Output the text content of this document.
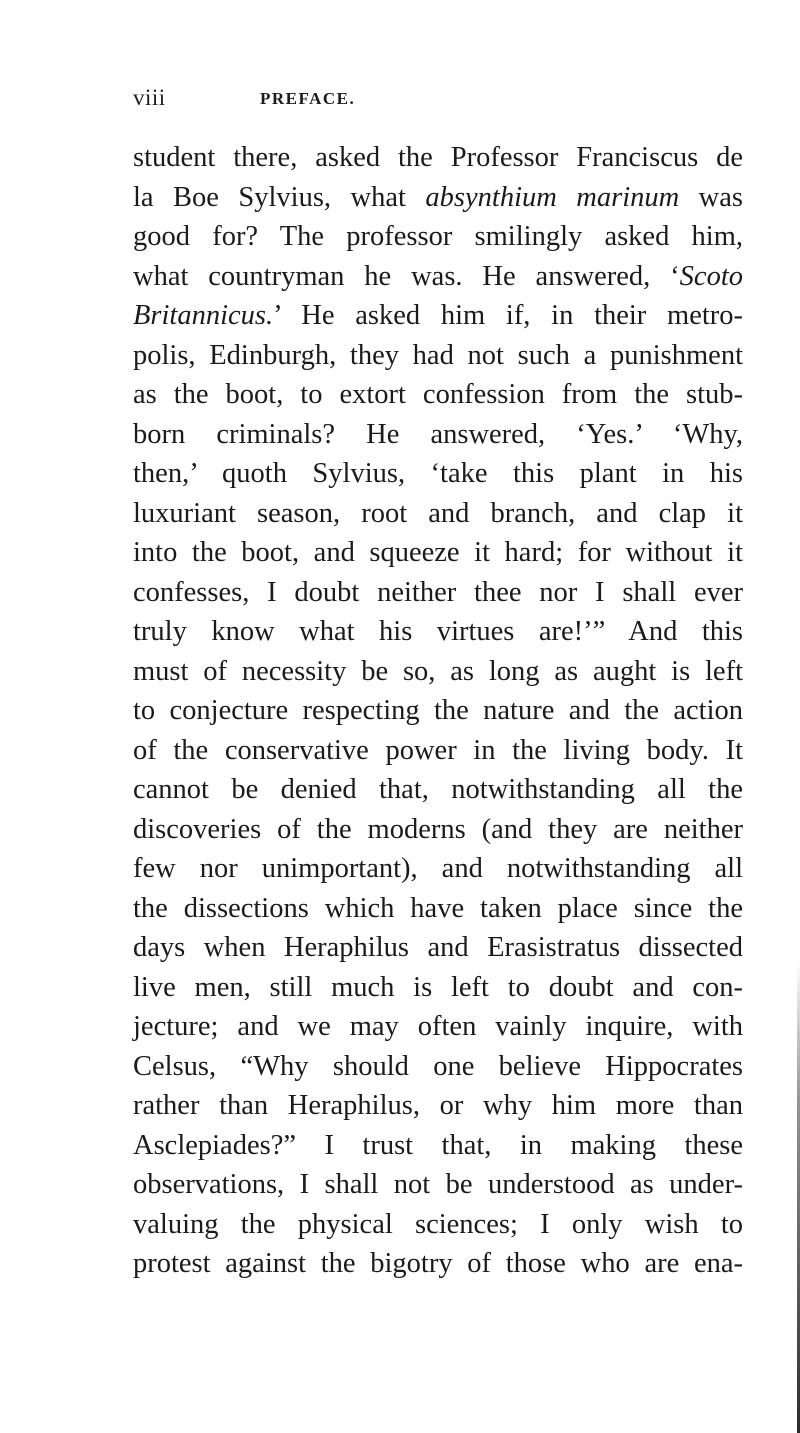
viii	PREFACE.
student there, asked the Professor Franciscus de
la Boe Sylvius, what absynthium marinum was
good for? The professor smilingly asked him,
what countryman he was. He answered, ‘Scoto
Britannicus.’ He asked him if, in their metro-
polis, Edinburgh, they had not such a punishment
as the boot, to extort confession from the stub-
born criminals? He answered, ‘Yes.’ ‘Why,
then,’ quoth Sylvius, ‘take this plant in his
luxuriant season, root and branch, and clap it
into the boot, and squeeze it hard; for without it
confesses, I doubt neither thee nor I shall ever
truly know what his virtues are!’” And this
must of necessity be so, as long as aught is left
to conjecture respecting the nature and the action
of the conservative power in the living body. It
cannot be denied that, notwithstanding all the
discoveries of the moderns (and they are neither
few nor unimportant), and notwithstanding all
the dissections which have taken place since the
days when Heraphilus and Erasistratus dissected
live men, still much is left to doubt and con-
jecture; and we may often vainly inquire, with
Celsus, “Why should one believe Hippocrates
rather than Heraphilus, or why him more than
Asclepiades?” I trust that, in making these
observations, I shall not be understood as under-
valuing the physical sciences; I only wish to
protest against the bigotry of those who are ena-
